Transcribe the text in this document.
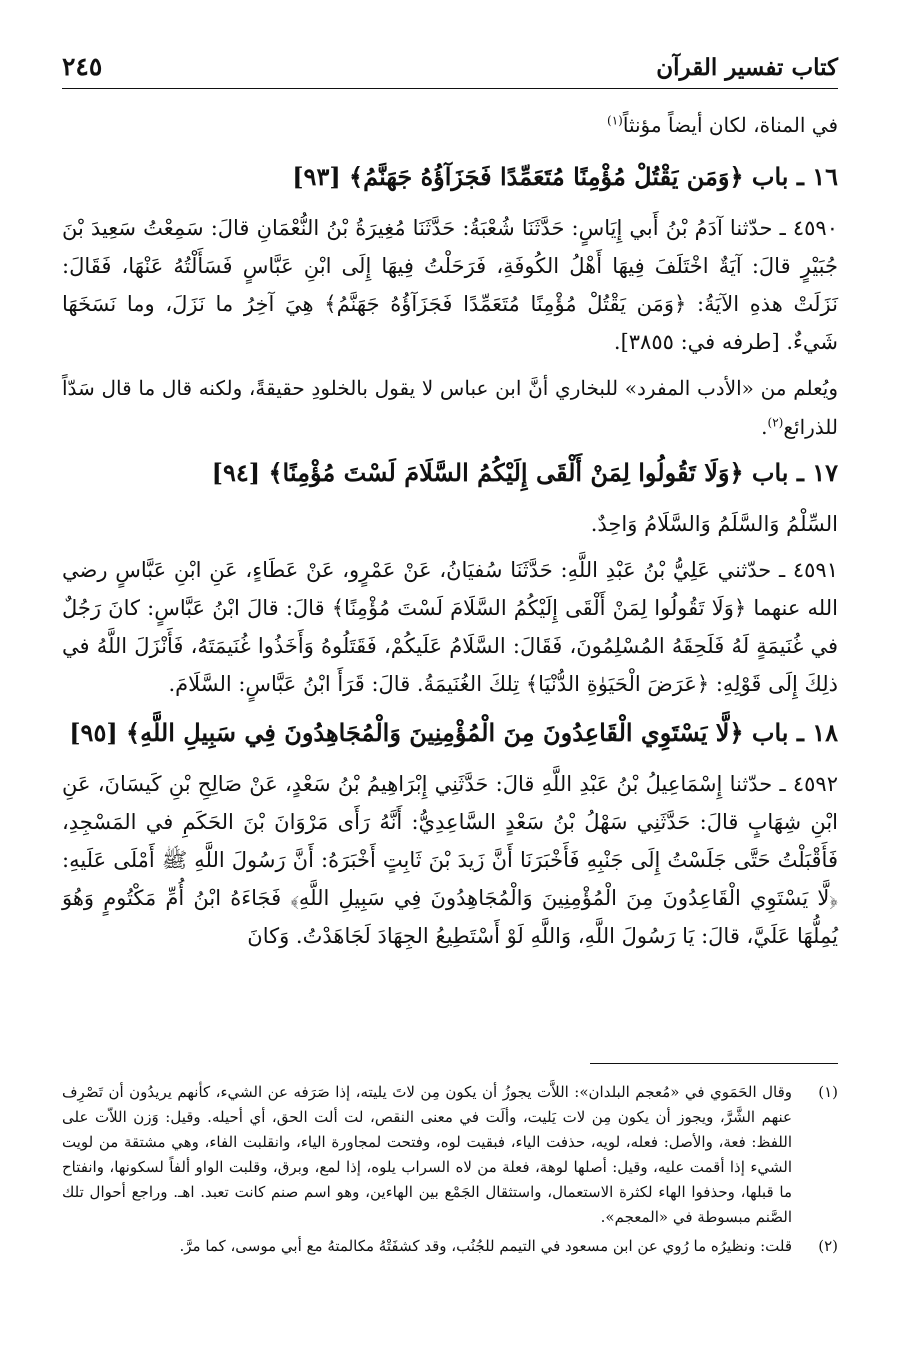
كتاب تفسير القرآن
٢٤٥

في المناة، لكان أيضاً مؤنثاً$^{(١)}$

١٦ ـ باب ﴿وَمَن يَقْتُلْ مُؤْمِنًا مُتَعَمِّدًا فَجَزَآؤُهُ جَهَنَّمُ﴾ [٩٣]

٤٥٩٠ ـ حدّثنا آدَمُ بْنُ أَبي إِيَاسٍ: حَدَّثَنَا شُعْبَةُ: حَدَّثَنَا مُغِيرَةُ بْنُ النُّعْمَانِ قالَ: سَمِعْتُ سَعِيدَ بْنَ جُبَيْرٍ قالَ: آيَةٌ اخْتَلَفَ فِيهَا أَهْلُ الكُوفَةِ، فَرَحَلْتُ فِيهَا إِلَى ابْنِ عَبَّاسٍ فَسَأَلْتُهُ عَنْهَا، فَقَالَ: نَزَلَتْ هذهِ الآيَةُ: ﴿وَمَن يَقْتُلْ مُؤْمِنًا مُتَعَمِّدًا فَجَزَآؤُهُ جَهَنَّمُ﴾ هِيَ آخِرُ ما نَزَلَ، وما نَسَخَهَا شَيءٌ. [طرفه في: ٣٨٥٥].

ويُعلم من «الأدب المفرد» للبخاري أنَّ ابن عباس لا يقول بالخلودِ حقيقةً، ولكنه قال ما قال سَدّاً للذرائع$^{(٢)}$.

١٧ ـ باب ﴿وَلَا تَقُولُوا لِمَنْ أَلْقَى إِلَيْكُمُ السَّلَامَ لَسْتَ مُؤْمِنًا﴾ [٩٤]

السِّلْمُ وَالسَّلَمُ وَالسَّلَامُ وَاحِدٌ.

٤٥٩١ ـ حدّثني عَلِيُّ بْنُ عَبْدِ اللَّهِ: حَدَّثَنَا سُفيَانُ، عَنْ عَمْرٍو، عَنْ عَطَاءٍ، عَنِ ابْنِ عَبَّاسٍ رضي الله عنهما ﴿وَلَا تَقُولُوا لِمَنْ أَلْقَى إِلَيْكُمُ السَّلَامَ لَسْتَ مُؤْمِنًا﴾ قالَ: قالَ ابْنُ عَبَّاسٍ: كانَ رَجُلٌ في غُنَيمَةٍ لَهُ فَلَحِقَهُ المُسْلِمُونَ، فَقَالَ: السَّلَامُ عَلَيكُمْ، فَقَتَلُوهُ وَأَخَذُوا غُنَيمَتَهُ، فَأَنْزَلَ اللَّهُ في ذلِكَ إِلَى قَوْلِهِ: ﴿عَرَضَ الْحَيَوٰةِ الدُّنْيَا﴾ تِلكَ الغُنَيمَةُ. قالَ: قَرَأَ ابْنُ عَبَّاسٍ: السَّلَامَ.

١٨ ـ باب ﴿لَّا يَسْتَوِي الْقَاعِدُونَ مِنَ الْمُؤْمِنِينَ وَالْمُجَاهِدُونَ فِي سَبِيلِ اللَّهِ﴾ [٩٥]

٤٥٩٢ ـ حدّثنا إِسْمَاعِيلُ بْنُ عَبْدِ اللَّهِ قالَ: حَدَّثَنِي إِبْرَاهِيمُ بْنُ سَعْدٍ، عَنْ صَالِحِ بْنِ كَيسَانَ، عَنِ ابْنِ شِهَابٍ قالَ: حَدَّثَنِي سَهْلُ بْنُ سَعْدٍ السَّاعِدِيُّ: أَنَّهُ رَأَى مَرْوَانَ بْنَ الحَكَمِ في المَسْجِدِ، فَأَقْبَلْتُ حَتَّى جَلَسْتُ إِلَى جَنْبِهِ فَأَخْبَرَنَا أَنَّ زَيدَ بْنَ ثَابِتٍ أَخْبَرَهُ: أَنَّ رَسُولَ اللَّهِ ﷺ أَمْلَى عَلَيهِ: ﴿لَّا يَسْتَوِي الْقَاعِدُونَ مِنَ الْمُؤْمِنِينَ وَالْمُجَاهِدُونَ فِي سَبِيلِ اللَّهِ﴾ فَجَاءَهُ ابْنُ أُمِّ مَكْتُومٍ وَهُوَ يُمِلُّهَا عَلَيَّ، قالَ: يَا رَسُولَ اللَّهِ، وَاللَّهِ لَوْ أَسْتَطِيعُ الجِهَادَ لَجَاهَدْتُ. وَكانَ

(١)
وقال الحَمَوي في «مُعجم البلدان»: اللاَّت يجوزُ أن يكون مِن لاتَ يليته، إذا صَرَفه عن الشيء، كأنهم يريدُون أن تَصْرِف عنهم الشَّرَّ، ويجوز أن يكون مِن لات يَليت، وألَت في معنى النقص، لت ألت الحق، أي أحيله. وقيل: وَزن اللاّت على اللفظ: فعة، والأصل: فعله، لويه، حذفت الياء، فبقيت لوه، وفتحت لمجاورة الياء، وانقلبت الفاء، وهي مشتقة من لويت الشيء إذا أقمت عليه، وقيل: أصلها لوهة، فعلة من لاه السراب يلوه، إذا لمع، وبرق، وقلبت الواو ألفاً لسكونها، وانفتاح ما قبلها، وحذفوا الهاء لكثرة الاستعمال، واستثقال الجَمْع بين الهاءين، وهو اسم صنم كانت تعبد. اهـ. وراجع أحوال تلك الصَّنم مبسوطة في «المعجم».
(٢)
قلت: ونظيرُه ما رُوي عن ابن مسعود في التيمم للجُنُب، وقد كشفَتْهُ مكالمتهُ مع أبي موسى، كما مرَّ.
